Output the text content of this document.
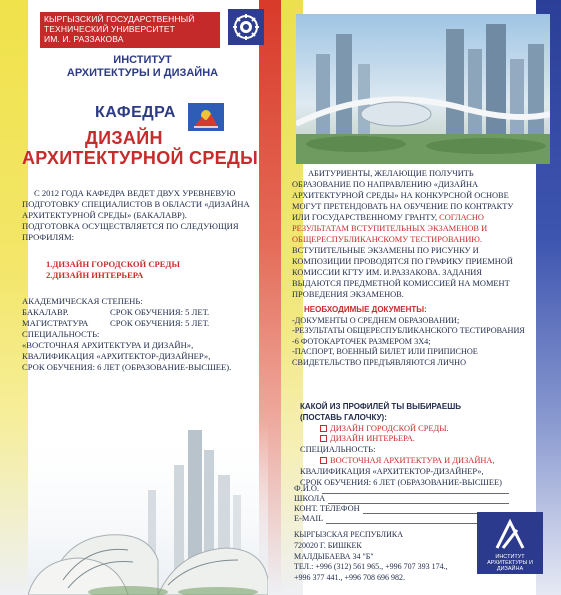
КЫРГЫЗСКИЙ ГОСУДАРСТВЕННЫЙ
ТЕХНИЧЕСКИЙ УНИВЕРСИТЕТ
ИМ. И. РАЗЗАКОВА
ИНСТИТУТ
АРХИТЕКТУРЫ И ДИЗАЙНА
КАФЕДРА
ДИЗАЙН
АРХИТЕКТУРНОЙ СРЕДЫ

С 2012 ГОДА КАФЕДРА ВЕДЕТ ДВУХ УРЕВНЕВУЮ ПОДГОТОВКУ СПЕЦИАЛИСТОВ В ОБЛАСТИ «ДИЗАЙНА АРХИТЕКТУРНОЙ СРЕДЫ» (БАКАЛАВР).

ПОДГОТОВКА ОСУЩЕСТВЛЯЕТСЯ ПО СЛЕДУЮЩИЯ ПРОФИЛЯМ:

1.ДИЗАЙН ГОРОДСКОЙ СРЕДЫ
2.ДИЗАЙН ИНТЕРЬЕРА
АКАДЕМИЧЕСКАЯ СТЕПЕНЬ:
БАКАЛАВР.	СРОК ОБУЧЕНИЯ: 5 ЛЕТ.
МАГИСТРАТУРА	СРОК ОБУЧЕНИЯ: 5 ЛЕТ.
СПЕЦИАЛЬНОСТЬ:
«ВОСТОЧНАЯ АРХИТЕКТУРА И ДИЗАЙН»,
КВАЛИФИКАЦИЯ «АРХИТЕКТОР-ДИЗАЙНЕР»,
СРОК ОБУЧЕНИЯ: 6 ЛЕТ (ОБРАЗОВАНИЕ-ВЫСШЕЕ).
АБИТУРИЕНТЫ, ЖЕЛАЮЩИЕ ПОЛУЧИТЬ ОБРАЗОВАНИЕ ПО НАПРАВЛЕНИЮ «ДИЗАЙНА АРХИТЕКТУРНОЙ СРЕДЫ» НА КОНКУРСНОЙ ОСНОВЕ МОГУТ ПРЕТЕНДОВАТЬ НА ОБУЧЕНИЕ ПО КОНТРАКТУ ИЛИ ГОСУДАРСТВЕННОМУ ГРАНТУ, СОГЛАСНО РЕЗУЛЬТАТАМ ВСТУПИТЕЛЬНЫХ ЭКЗАМЕНОВ И ОБЩЕРЕСПУБЛИКАНСКОМУ ТЕСТИРОВАНИЮ. ВСТУПИТЕЛЬНЫЕ ЭКЗАМЕНЫ ПО РИСУНКУ И КОМПОЗИЦИИ ПРОВОДЯТСЯ ПО ГРАФИКУ ПРИЕМНОЙ КОМИССИИ КГТУ ИМ. И.РАЗЗАКОВА. ЗАДАНИЯ ВЫДАЮТСЯ ПРЕДМЕТНОЙ КОМИССИЕЙ НА МОМЕНТ ПРОВЕДЕНИЯ ЭКЗАМЕНОВ.
НЕОБХОДИМЫЕ ДОКУМЕНТЫ:
-ДОКУМЕНТЫ О СРЕДНЕМ ОБРАЗОВАНИИ;
-РЕЗУЛЬТАТЫ ОБЩЕРЕСПУБЛИКАНСКОГО ТЕСТИРОВАНИЯ
-6 ФОТОКАРТОЧЕК РАЗМЕРОМ 3Х4;
-ПАСПОРТ, ВОЕННЫЙ БИЛЕТ ИЛИ ПРИПИСНОЕ СВИДЕТЕЛЬСТВО ПРЕДЪЯВЛЯЮТСЯ ЛИЧНО
КАКОЙ ИЗ ПРОФИЛЕЙ ТЫ ВЫБИРАЕШЬ
(ПОСТАВЬ ГАЛОЧКУ):
ДИЗАЙН ГОРОДСКОЙ СРЕДЫ.
ДИЗАЙН ИНТЕРЬЕРА.
СПЕЦИАЛЬНОСТЬ:
ВОСТОЧНАЯ АРХИТЕКТУРА И ДИЗАЙНА,
КВАЛИФИКАЦИЯ «АРХИТЕКТОР-ДИЗАЙНЕР»,
СРОК ОБУЧЕНИЯ: 6 ЛЕТ (ОБРАЗОВАНИЕ-ВЫСШЕЕ)
Ф.И.О.
ШКОЛА
КОНТ. ТЕЛЕФОН
E-MAIL
КЫРГЫЗСКАЯ РЕСПУБЛИКА
720020 Г. БИШКЕК
МАЛДЫБАЕВА 34 "Б"
ТЕЛ.: +996 (312) 561 965., +996 707 393 174.,
+996 377 441., +996 708 696 982.
ИНСТИТУТ
АРХИТЕКТУРЫ И ДИЗАЙНА
